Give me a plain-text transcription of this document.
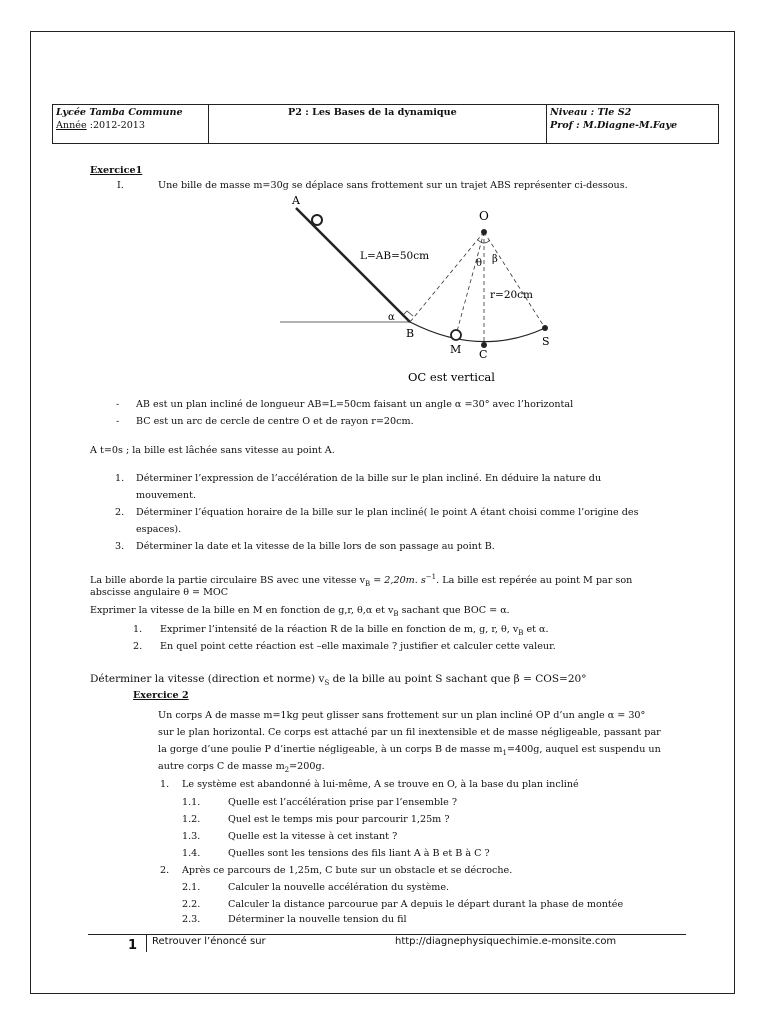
Lycée Tamba Commune
Année :2012-2013
P2 : Les Bases de la dynamique	Niveau : Tle S2
Prof : M.Diagne-M.Faye
Exercice1
I.	Une bille de masse m=30g se déplace sans frottement sur un trajet ABS représenter ci-dessous.
A
O
B
M C
S
α
θ β
L=AB=50cm
r=20cm
OC est vertical
- AB est un plan incliné de longueur AB=L=50cm faisant un angle α =30° avec l’horizontal
- BC est un arc de cercle de centre O et de rayon r=20cm.
A t=0s ; la bille est lâchée sans vitesse au point A.
1. Déterminer l’expression de l’accélération de la bille sur le plan incliné. En déduire la nature du
mouvement.
2. Déterminer l’équation horaire de la bille sur le plan incliné( le point A étant choisi comme l’origine des
espaces).
3. Déterminer la date et la vitesse de la bille lors de son passage au point B.
La bille aborde la partie circulaire BS avec une vitesse $v_B = 2,20m$. $s^{-1}$. La bille est repérée au point M par son
abscisse angulaire θ = MOC
Exprimer la vitesse de la bille en M en fonction de g,r, θ,α et $v_B$ sachant que BOC = α.
1. Exprimer l’intensité de la réaction R de la bille en fonction de m, g, r, θ, $v_B$ et α.
2. En quel point cette réaction est –elle maximale ? justifier et calculer cette valeur.
Déterminer la vitesse (direction et norme) $v_S$ de la bille au point S sachant que β = COS=20°
Exercice 2
Un corps A de masse m=1kg peut glisser sans frottement sur un plan incliné OP d’un angle α = 30°
sur le plan horizontal. Ce corps est attaché par un fil inextensible et de masse négligeable, passant par
la gorge d’une poulie P d’inertie négligeable, à un corps B de masse $m_1=400g$, auquel est suspendu un
autre corps C de masse $m_2=200g$.
1. Le système est abandonné à lui-même, A se trouve en O, à la base du plan incliné
1.1.	Quelle est l’accélération prise par l’ensemble ?
1.2.	Quel est le temps mis pour parcourir 1,25m ?
1.3.	Quelle est la vitesse à cet instant ?
1.4.	Quelles sont les tensions des fils liant A à B et B à C ?
2. Après ce parcours de 1,25m, C bute sur un obstacle et se décroche.
2.1.	Calculer la nouvelle accélération du système.
2.2.	Calculer la distance parcourue par A depuis le départ durant la phase de montée
2.3.	Déterminer la nouvelle tension du fil
1 Retrouver l’énoncé sur	http://diagnephysiquechimie.e-monsite.com
